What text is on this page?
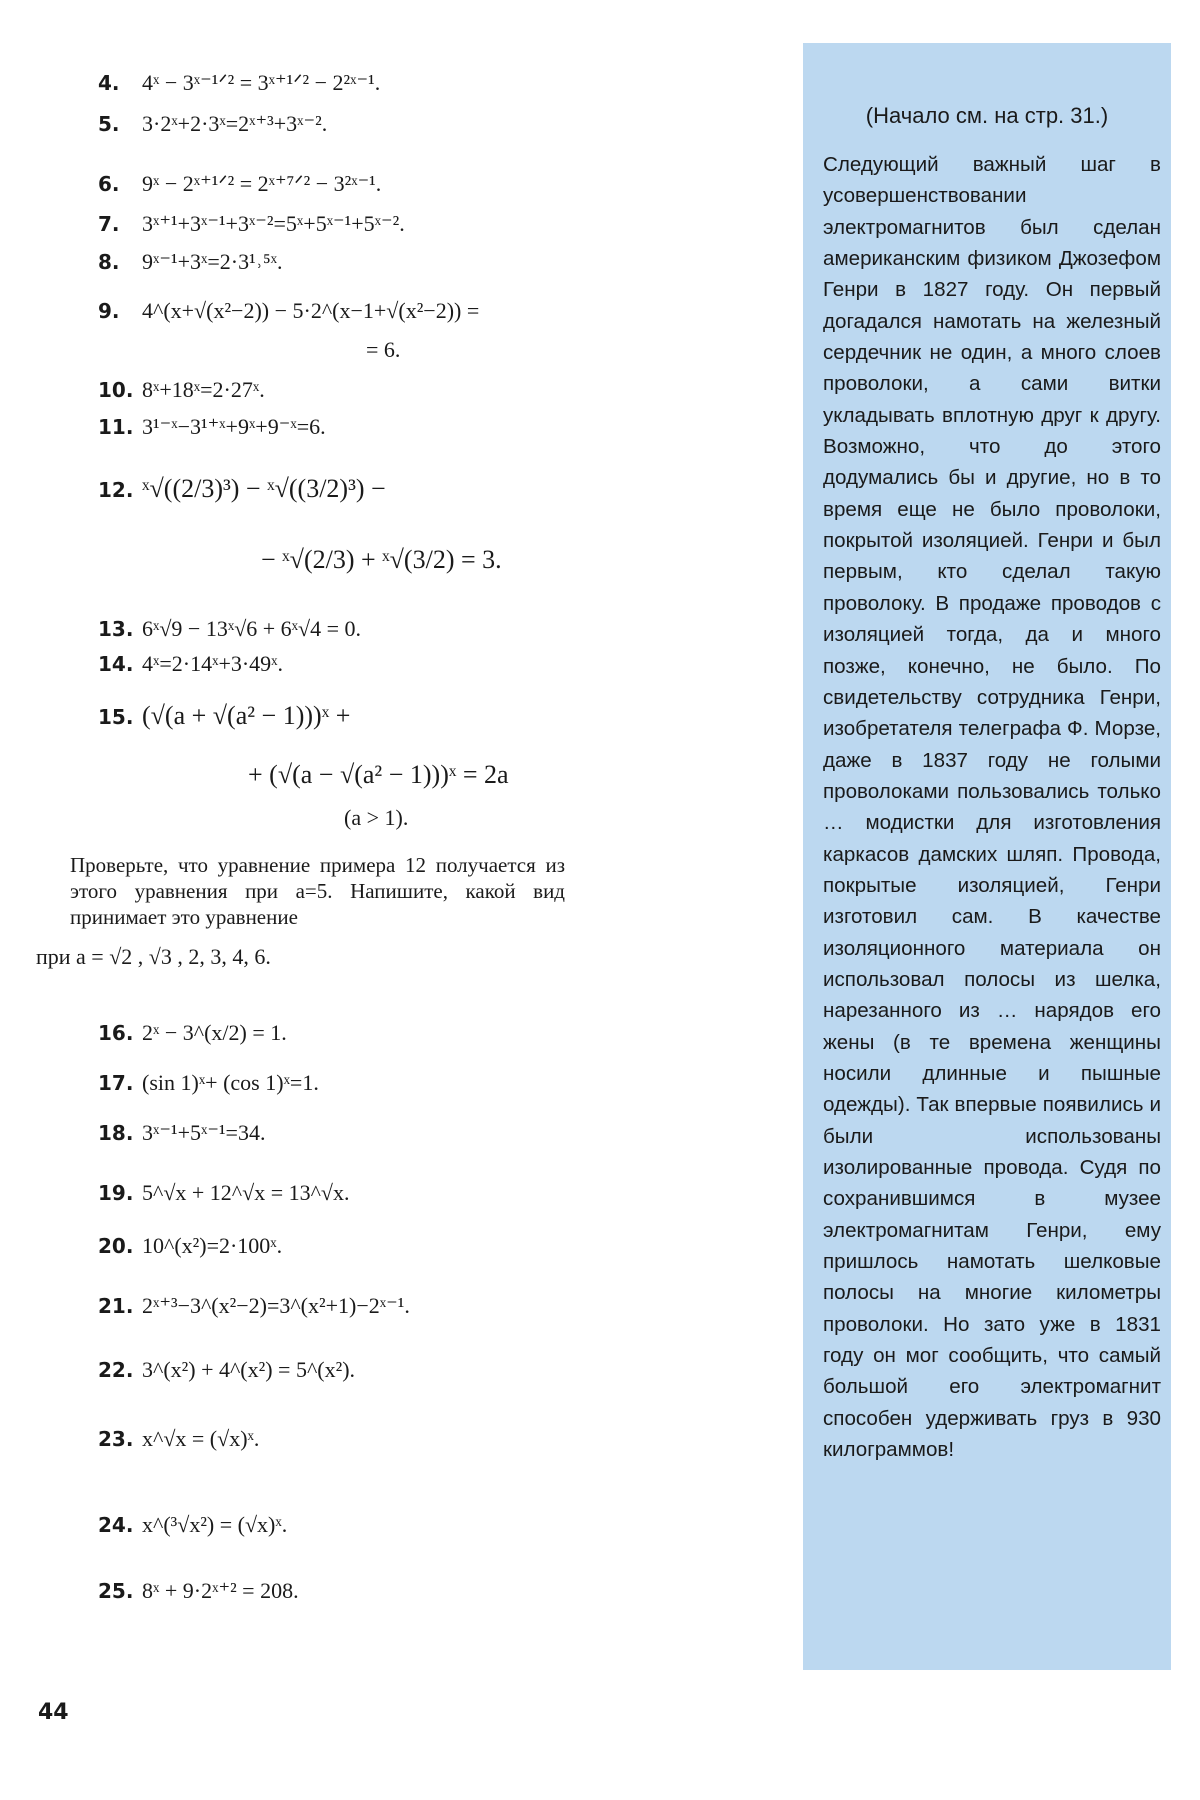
4. 4ˣ − 3ˣ⁻¹ᐟ² = 3ˣ⁺¹ᐟ² − 2²ˣ⁻¹.
5. 3·2ˣ+2·3ˣ=2ˣ⁺³+3ˣ⁻².
6. 9ˣ − 2ˣ⁺¹ᐟ² = 2ˣ⁺⁷ᐟ² − 3²ˣ⁻¹.
7. 3ˣ⁺¹+3ˣ⁻¹+3ˣ⁻²=5ˣ+5ˣ⁻¹+5ˣ⁻².
8. 9ˣ⁻¹+3ˣ=2·3¹˒⁵ˣ.
9. 4^(x+√(x²−2)) − 5·2^(x−1+√(x²−2)) =
= 6.
10. 8ˣ+18ˣ=2·27ˣ.
11. 3¹⁻ˣ−3¹⁺ˣ+9ˣ+9⁻ˣ=6.
12. ˣ√((2/3)³) − ˣ√((3/2)³) −
− ˣ√(2/3) + ˣ√(3/2) = 3.
13. 6ˣ√9 − 13ˣ√6 + 6ˣ√4 = 0.
14. 4ˣ=2·14ˣ+3·49ˣ.
15. (√(a + √(a² − 1)))ˣ +
+ (√(a − √(a² − 1)))ˣ = 2a
(a > 1).
Проверьте, что уравнение примера 12 получается из этого уравнения при a=5. Напишите, какой вид принимает это уравнение
при a = √2 , √3 , 2, 3, 4, 6.
16. 2ˣ − 3^(x/2) = 1.
17. (sin 1)ˣ+ (cos 1)ˣ=1.
18. 3ˣ⁻¹+5ˣ⁻¹=34.
19. 5^√x + 12^√x = 13^√x.
20. 10^(x²)=2·100ˣ.
21. 2ˣ⁺³−3^(x²−2)=3^(x²+1)−2ˣ⁻¹.
22. 3^(x²) + 4^(x²) = 5^(x²).
23. x^√x = (√x)ˣ.
24. x^(³√x²) = (√x)ˣ.
25. 8ˣ + 9·2ˣ⁺² = 208.
(Начало см. на стр. 31.)
Следующий важный шаг в усовершенствовании электромагнитов был сделан американским физиком Джозефом Генри в 1827 году. Он первый догадался намотать на железный сердечник не один, а много слоев проволоки, а сами витки укладывать вплотную друг к другу. Возможно, что до этого додумались бы и другие, но в то время еще не было проволоки, покрытой изоляцией. Генри и был первым, кто сделал такую проволоку. В продаже проводов с изоляцией тогда, да и много позже, конечно, не было. По свидетельству сотрудника Генри, изобретателя телеграфа Ф. Морзе, даже в 1837 году не голыми проволоками пользовались только … модистки для изготовления каркасов дамских шляп. Провода, покрытые изоляцией, Генри изготовил сам. В качестве изоляционного материала он использовал полосы из шелка, нарезанного из … нарядов его жены (в те времена женщины носили длинные и пышные одежды). Так впервые появились и были использованы изолированные провода. Судя по сохранившимся в музее электромагнитам Генри, ему пришлось намотать шелковые полосы на многие километры проволоки. Но зато уже в 1831 году он мог сообщить, что самый большой его электромагнит способен удерживать груз в 930 килограммов!
44
